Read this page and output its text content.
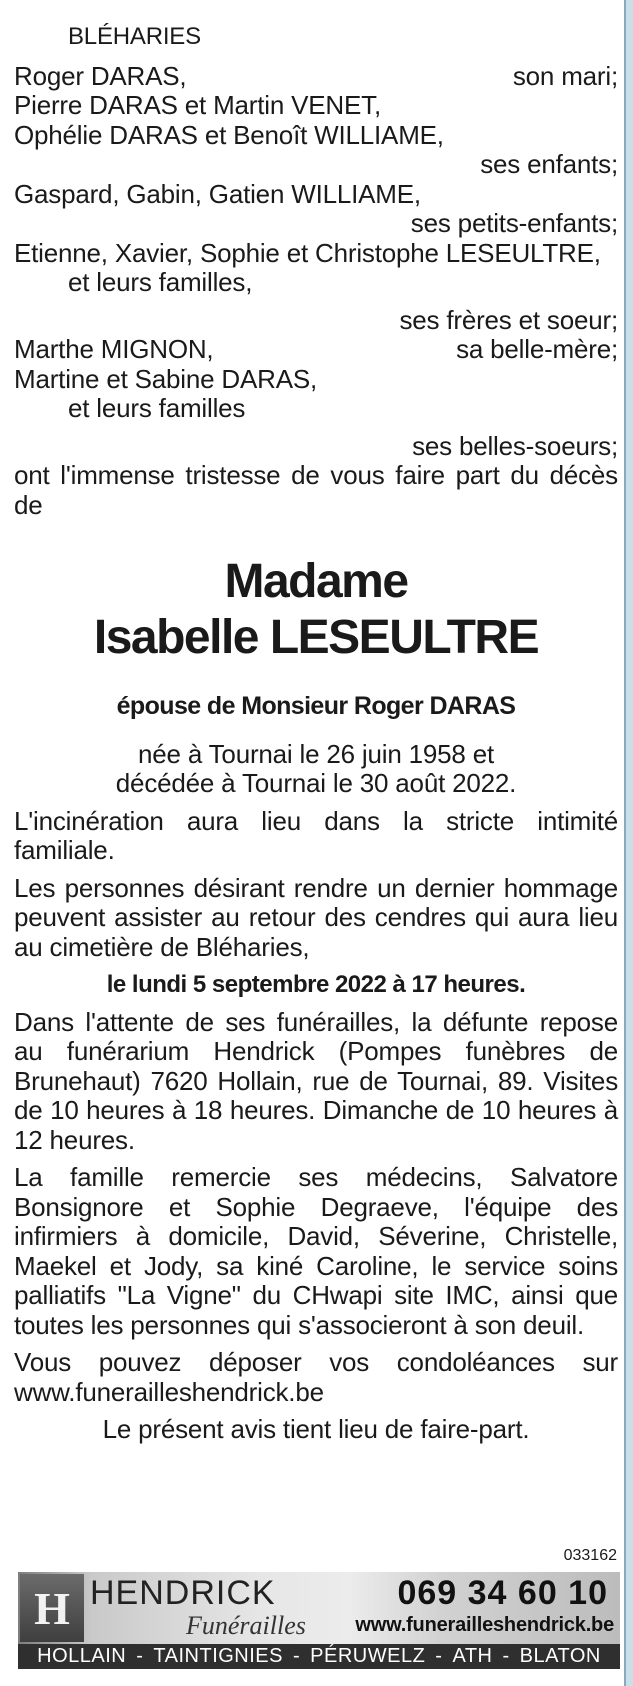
BLÉHARIES
Roger DARAS,	son mari;
Pierre DARAS et Martin VENET,
Ophélie DARAS et Benoît WILLIAME,
ses enfants;
Gaspard, Gabin, Gatien WILLIAME,
ses petits-enfants;
Etienne, Xavier, Sophie et Christophe LESEULTRE,
et leurs familles,
ses frères et soeur;
Marthe MIGNON,	sa belle-mère;
Martine et Sabine DARAS,
et leurs familles
ses belles-soeurs;
ont l'immense tristesse de vous faire part du décès de
Madame
Isabelle LESEULTRE
épouse de Monsieur Roger DARAS
née à Tournai le 26 juin 1958 et
décédée à Tournai le 30 août 2022.
L'incinération aura lieu dans la stricte intimité familiale.
Les personnes désirant rendre un dernier hommage peuvent assister au retour des cendres qui aura lieu au cimetière de Bléharies,
le lundi 5 septembre 2022 à 17 heures.
Dans l'attente de ses funérailles, la défunte repose au funérarium Hendrick (Pompes funèbres de Brunehaut) 7620 Hollain, rue de Tournai, 89. Visites de 10 heures à 18 heures. Dimanche de 10 heures à 12 heures.
La famille remercie ses médecins, Salvatore Bonsignore et Sophie Degraeve, l'équipe des infirmiers à domicile, David, Séverine, Christelle, Maekel et Jody, sa kiné Caroline, le service soins palliatifs "La Vigne" du CHwapi site IMC, ainsi que toutes les personnes qui s'associeront à son deuil.
Vous pouvez déposer vos condoléances sur www.funerailleshendrick.be
Le présent avis tient lieu de faire-part.
033162
H HENDRICK
Funérailles
069 34 60 10
www.funerailleshendrick.be
HOLLAIN - TAINTIGNIES - PÉRUWELZ - ATH - BLATON
